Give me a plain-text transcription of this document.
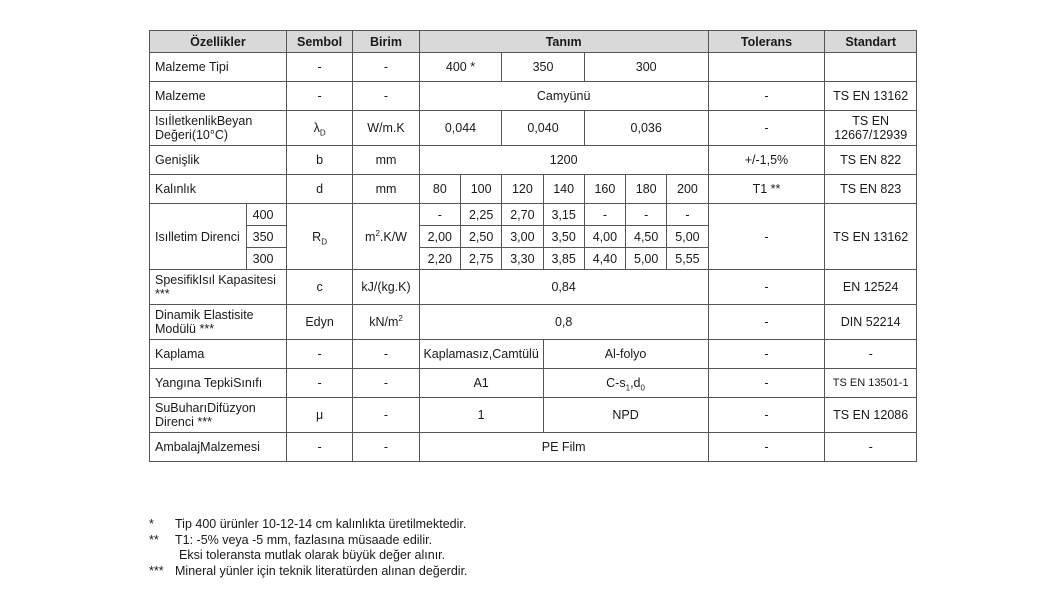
Özellikler		Sembol	Birim	Tanım							Tolerans	Standart
Malzeme Tipi		-	-	400 *		350		300				
Malzeme		-	-	Camyünü							-	TS EN 13162
IsıİletkenlikBeyan Değeri(10°C)		$\lambda_D$	W/m.K	0,044		0,040		0,036			-	TS EN 12667/12939
Genişlik		b	mm	1200							+/-1,5%	TS EN 822
Kalınlık		d	mm	80	100	120	140	160	180	200	T1 **	TS EN 823
Isılletim Direnci	400	$R_D$	$m^2.K/W$	-	2,25	2,70	3,15	-	-	-	-	TS EN 13162
	350			2,00	2,50	3,00	3,50	4,00	4,50	5,00		
	300			2,20	2,75	3,30	3,85	4,40	5,00	5,55		
SpesifikIsıl Kapasitesi ***		c	kJ/(kg.K)	0,84							-	EN 12524
Dinamik Elastisite Modülü ***		Edyn	$kN/m^2$	0,8							-	DIN 52214
Kaplama		-	-	Kaplamasız,Camtülü			Al-folyo				-	-
Yangına TepkiSınıfı		-	-	A1			$C-s_1,d_0$				-	TS EN 13501-1
SuBuharıDifüzyon Direnci ***		μ	-	1			NPD				-	TS EN 12086
AmbalajMalzemesi		-	-	PE Film							-	-
*	Tip 400 ürünler 10-12-14 cm kalınlıkta üretilmektedir.
**	T1: -5% veya -5 mm, fazlasına müsaade edilir.
Eksi toleransta mutlak olarak büyük değer alınır.
*** Mineral yünler için teknik literatürden alınan değerdir.
